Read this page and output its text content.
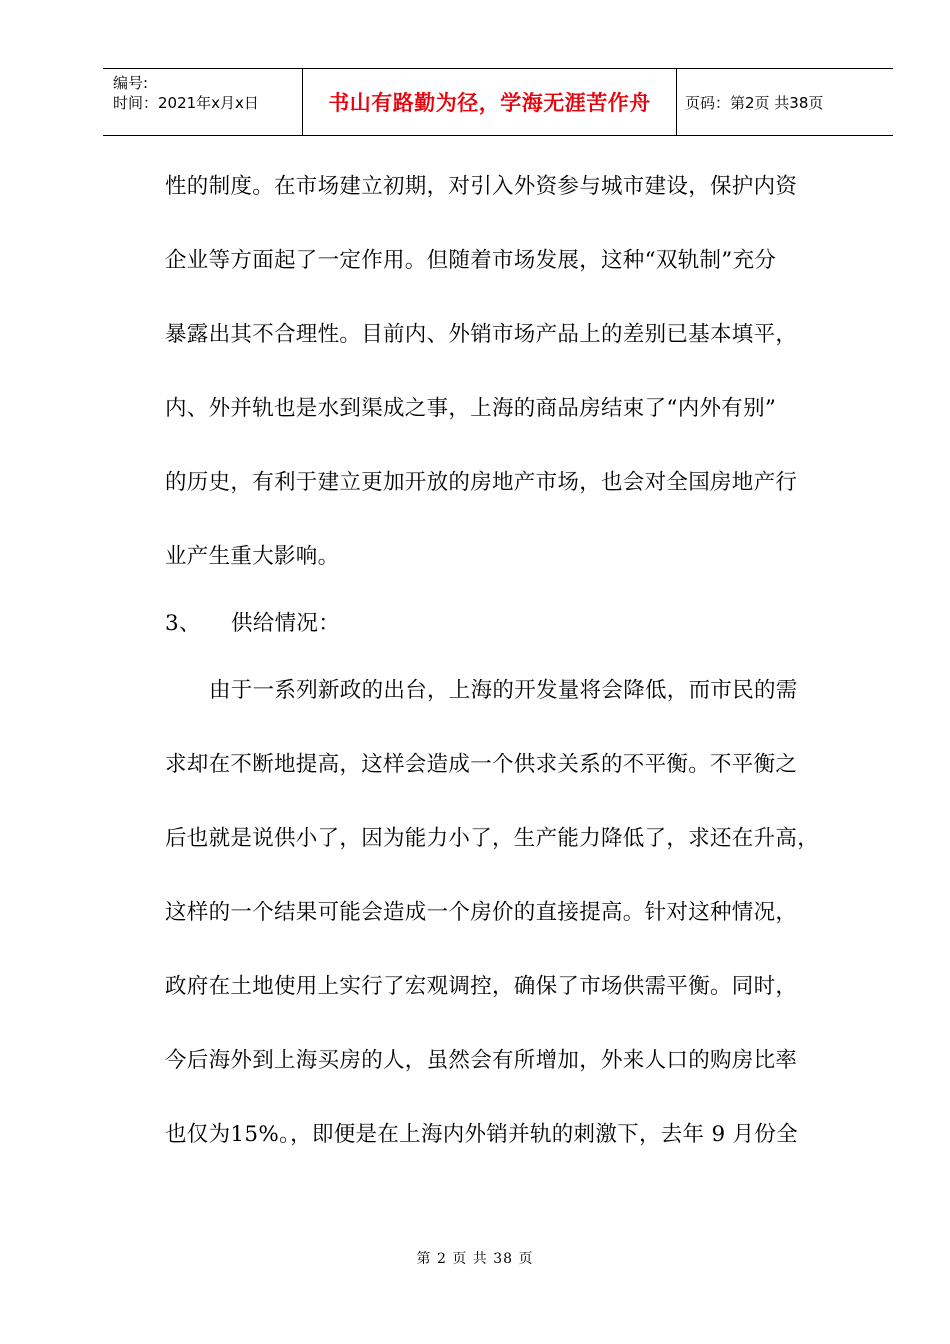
编号:
时间：2021年x月x日	书山有路勤为径，学海无涯苦作舟 页码：第2页 共38页
性的制度。在市场建立初期，对引入外资参与城市建设，保护内资
企业等方面起了一定作用。但随着市场发展，这种“双轨制”充分
暴露出其不合理性。目前内、外销市场产品上的差别已基本填平，
内、外并轨也是水到渠成之事，上海的商品房结束了“内外有别”
的历史，有利于建立更加开放的房地产市场，也会对全国房地产行
业产生重大影响。
3、 供给情况：
由于一系列新政的出台，上海的开发量将会降低，而市民的需
求却在不断地提高，这样会造成一个供求关系的不平衡。不平衡之
后也就是说供小了，因为能力小了，生产能力降低了，求还在升高，
这样的一个结果可能会造成一个房价的直接提高。针对这种情况，
政府在土地使用上实行了宏观调控，确保了市场供需平衡。同时，
今后海外到上海买房的人，虽然会有所增加，外来人口的购房比率
也仅为15%。，即便是在上海内外销并轨的刺激下，去年 9 月份全
第 2 页 共 38 页
